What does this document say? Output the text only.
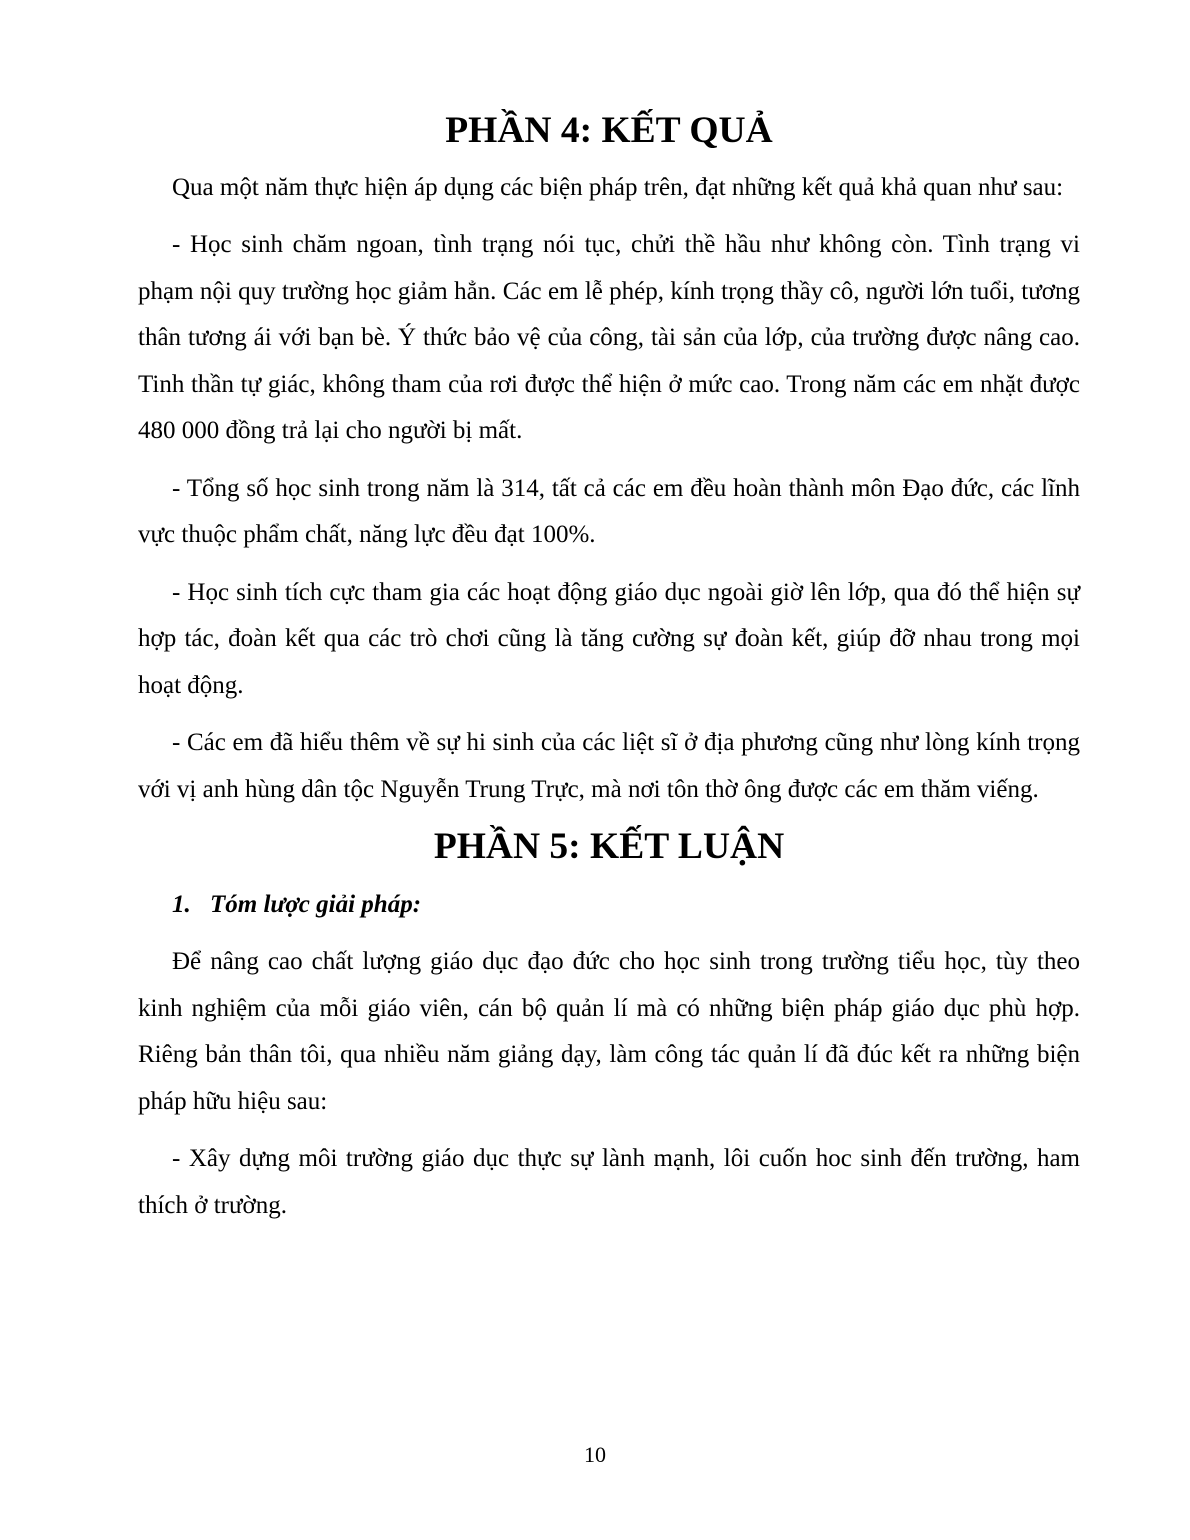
PHẦN 4: KẾT QUẢ

Qua một năm thực hiện áp dụng các biện pháp trên, đạt những kết quả khả quan như sau:

- Học sinh chăm ngoan, tình trạng nói tục, chửi thề hầu như không còn. Tình trạng vi phạm nội quy trường học giảm hẳn. Các em lễ phép, kính trọng thầy cô, người lớn tuổi, tương thân tương ái với bạn bè. Ý thức bảo vệ của công, tài sản của lớp, của trường được nâng cao. Tinh thần tự giác, không tham của rơi được thể hiện ở mức cao. Trong năm các em nhặt được 480 000 đồng trả lại cho người bị mất.

- Tổng số học sinh trong năm là 314, tất cả các em đều hoàn thành môn Đạo đức, các lĩnh vực thuộc phẩm chất, năng lực đều đạt 100%.

- Học sinh tích cực tham gia các hoạt động giáo dục ngoài giờ lên lớp, qua đó thể hiện sự hợp tác, đoàn kết qua các trò chơi cũng là tăng cường sự đoàn kết, giúp đỡ nhau trong mọi hoạt động.

- Các em đã hiểu thêm về sự hi sinh của các liệt sĩ ở địa phương cũng như lòng kính trọng với vị anh hùng dân tộc Nguyễn Trung Trực, mà nơi tôn thờ ông được các em thăm viếng.

PHẦN 5: KẾT LUẬN
1. Tóm lược giải pháp:

Để nâng cao chất lượng giáo dục đạo đức cho học sinh trong trường tiểu học, tùy theo kinh nghiệm của mỗi giáo viên, cán bộ quản lí mà có những biện pháp giáo dục phù hợp. Riêng bản thân tôi, qua nhiều năm giảng dạy, làm công tác quản lí đã đúc kết ra những biện pháp hữu hiệu sau:

- Xây dựng môi trường giáo dục thực sự lành mạnh, lôi cuốn hoc sinh đến trường, ham thích ở trường.

10
